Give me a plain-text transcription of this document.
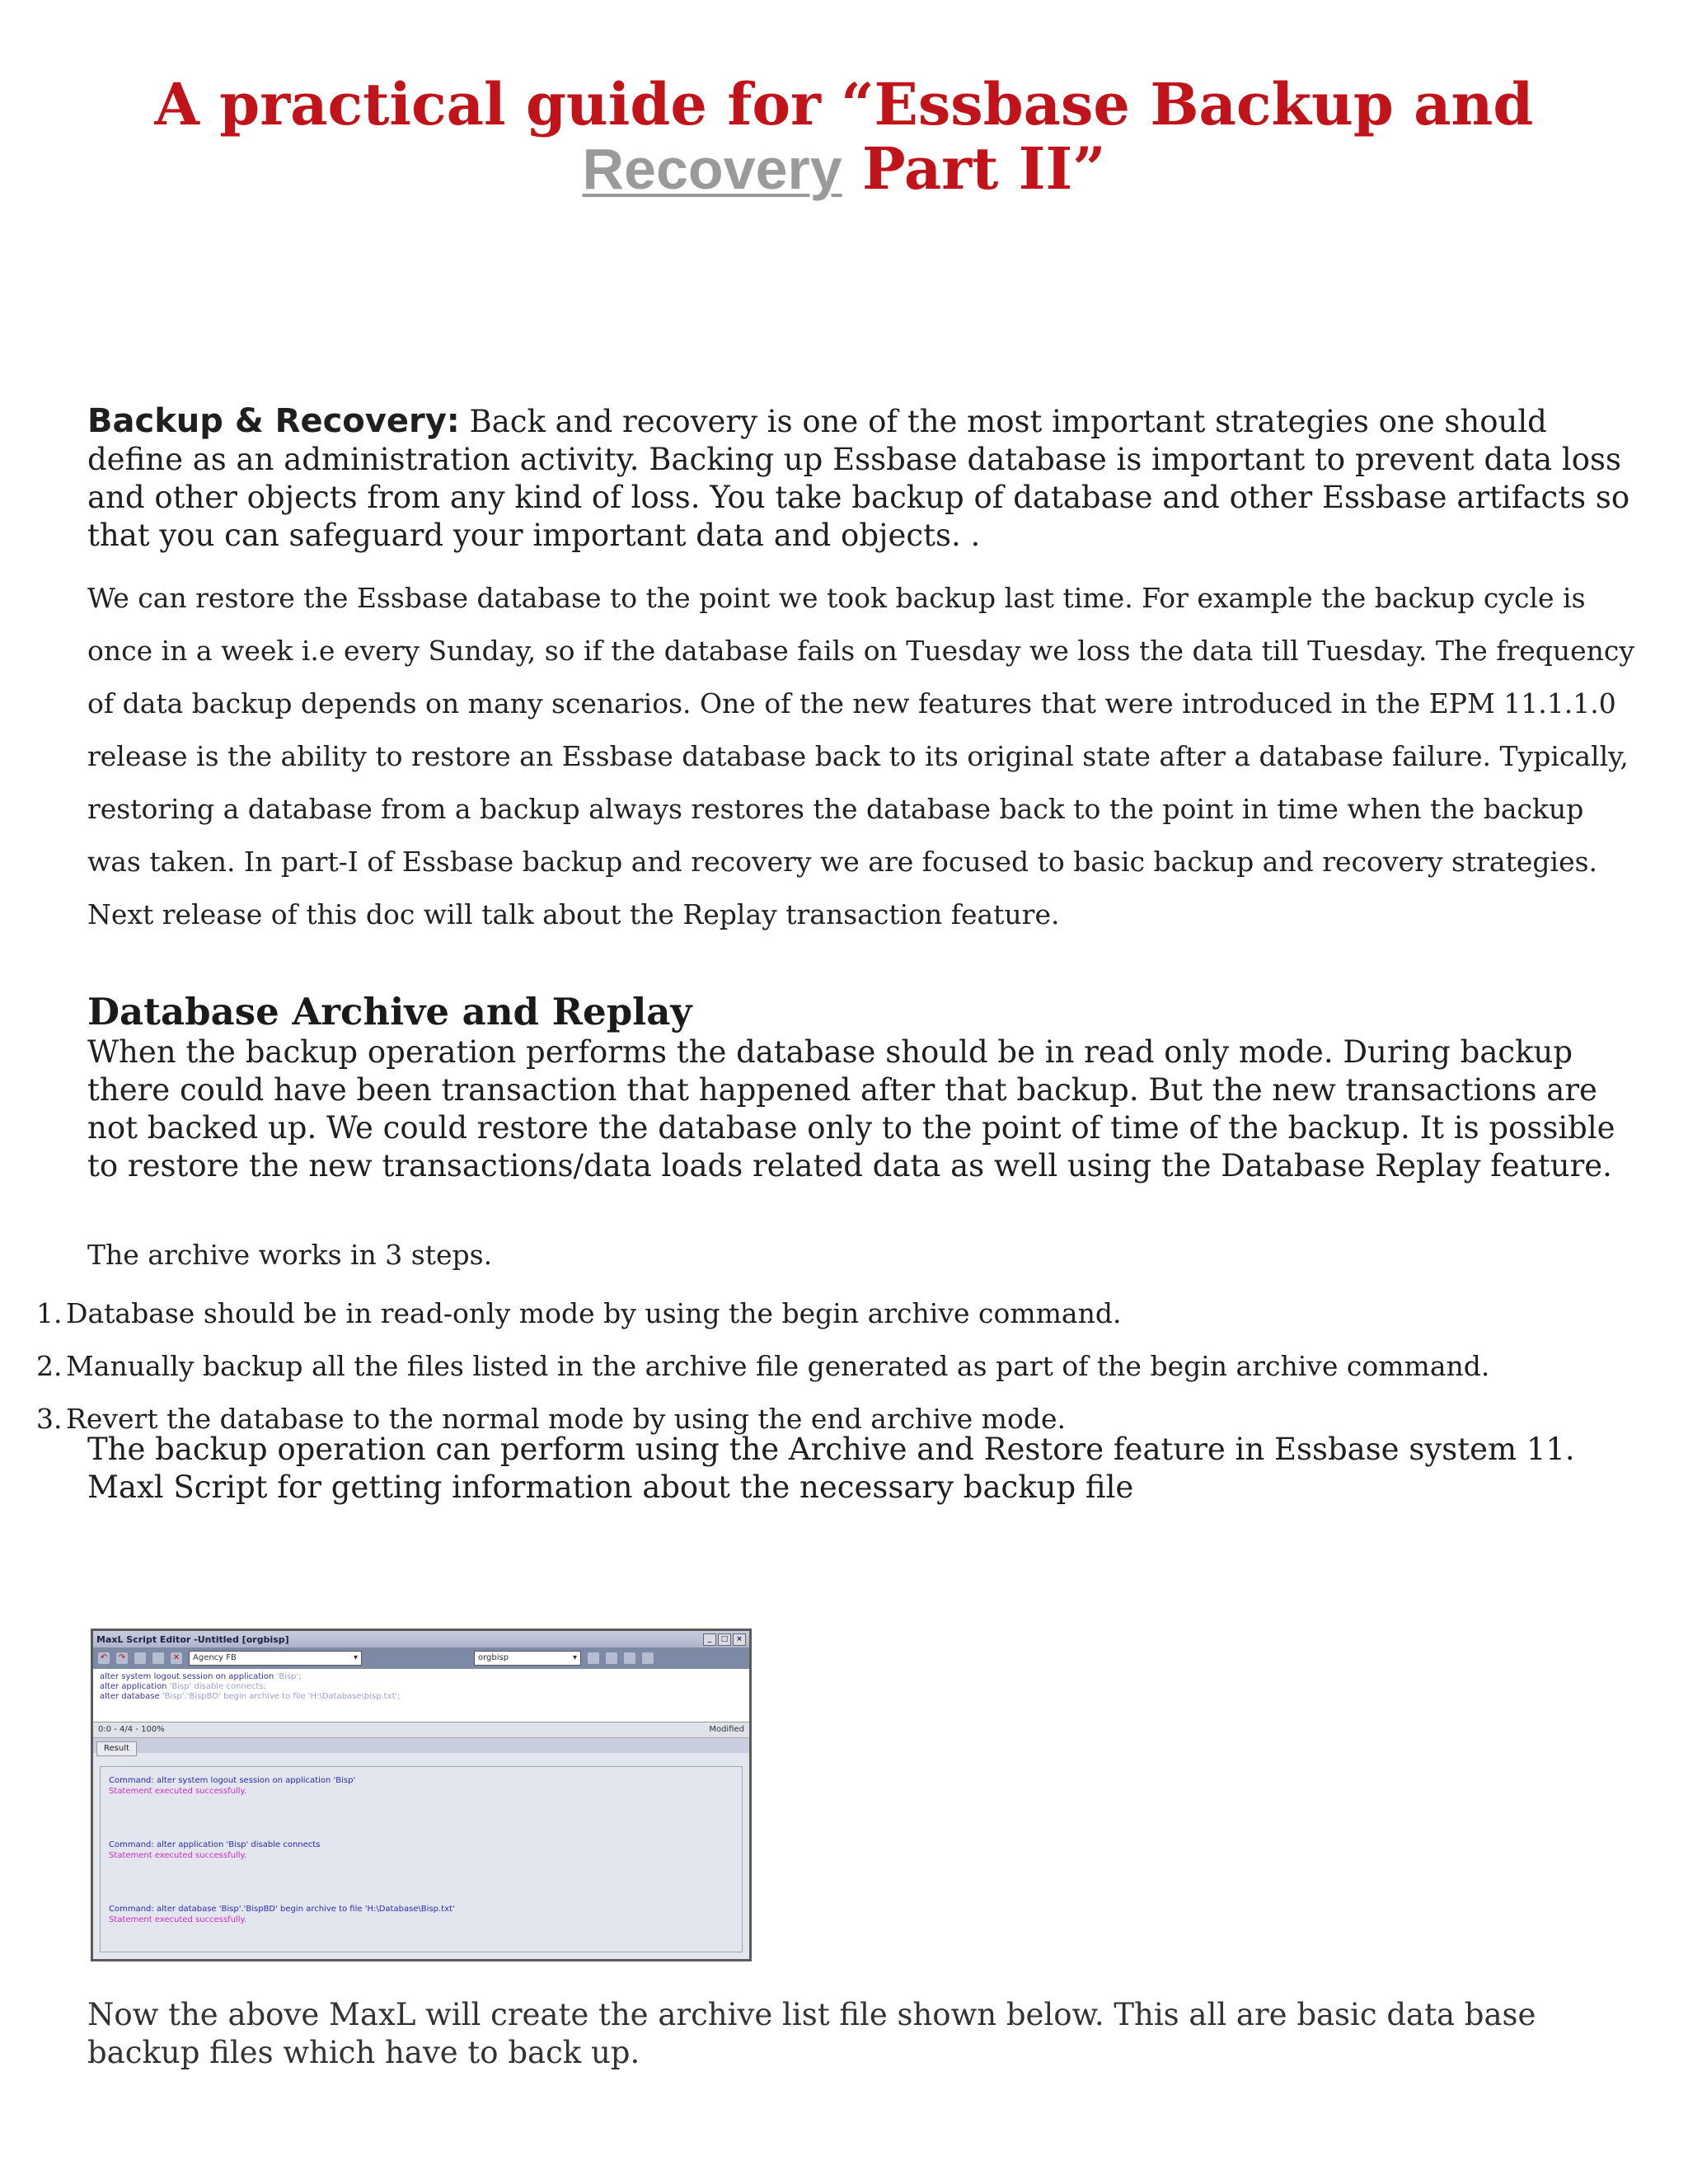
A practical guide for “Essbase Backup and
Recovery Part II”
Backup & Recovery: Back and recovery is one of the most important strategies one should define as an administration activity. Backing up Essbase database is important to prevent data loss and other objects from any kind of loss. You take backup of database and other Essbase artifacts so that you can safeguard your important data and objects. .
We can restore the Essbase database to the point we took backup last time. For example the backup cycle is once in a week i.e every Sunday, so if the database fails on Tuesday we loss the data till Tuesday. The frequency of data backup depends on many scenarios. One of the new features that were introduced in the EPM 11.1.1.0 release is the ability to restore an Essbase database back to its original state after a database failure. Typically, restoring a database from a backup always restores the database back to the point in time when the backup was taken. In part-I of Essbase backup and recovery we are focused to basic backup and recovery strategies. Next release of this doc will talk about the Replay transaction feature.
Database Archive and Replay
When the backup operation performs the database should be in read only mode. During backup there could have been transaction that happened after that backup. But the new transactions are not backed up. We could restore the database only to the point of time of the backup. It is possible to restore the new transactions/data loads related data as well using the Database Replay feature.
The archive works in 3 steps.
1. Database should be in read-only mode by using the begin archive command.
2. Manually backup all the files listed in the archive file generated as part of the begin archive command.
3. Revert the database to the normal mode by using the end archive mode.
The backup operation can perform using the Archive and Restore feature in Essbase system 11.
Maxl Script for getting information about the necessary backup file
MaxL Script Editor -Untitled [orgbisp]	_	□	×
↶ ↷	✕ Agency FB	▾	orgbisp	▾
alter system logout session on application 'Bisp';
alter application 'Bisp' disable connects;
alter database 'Bisp'.'BispBD' begin archive to file 'H:\Database\bisp.txt';
0:0 - 4/4 - 100%	Modified
Result
Command: alter system logout session on application 'Bisp'
Statement executed successfully.
Command: alter application 'Bisp' disable connects
Statement executed successfully.
Command: alter database 'Bisp'.'BispBD' begin archive to file 'H:\Database\Bisp.txt'
Statement executed successfully.
Now the above MaxL will create the archive list file shown below. This all are basic data base backup files which have to back up.
